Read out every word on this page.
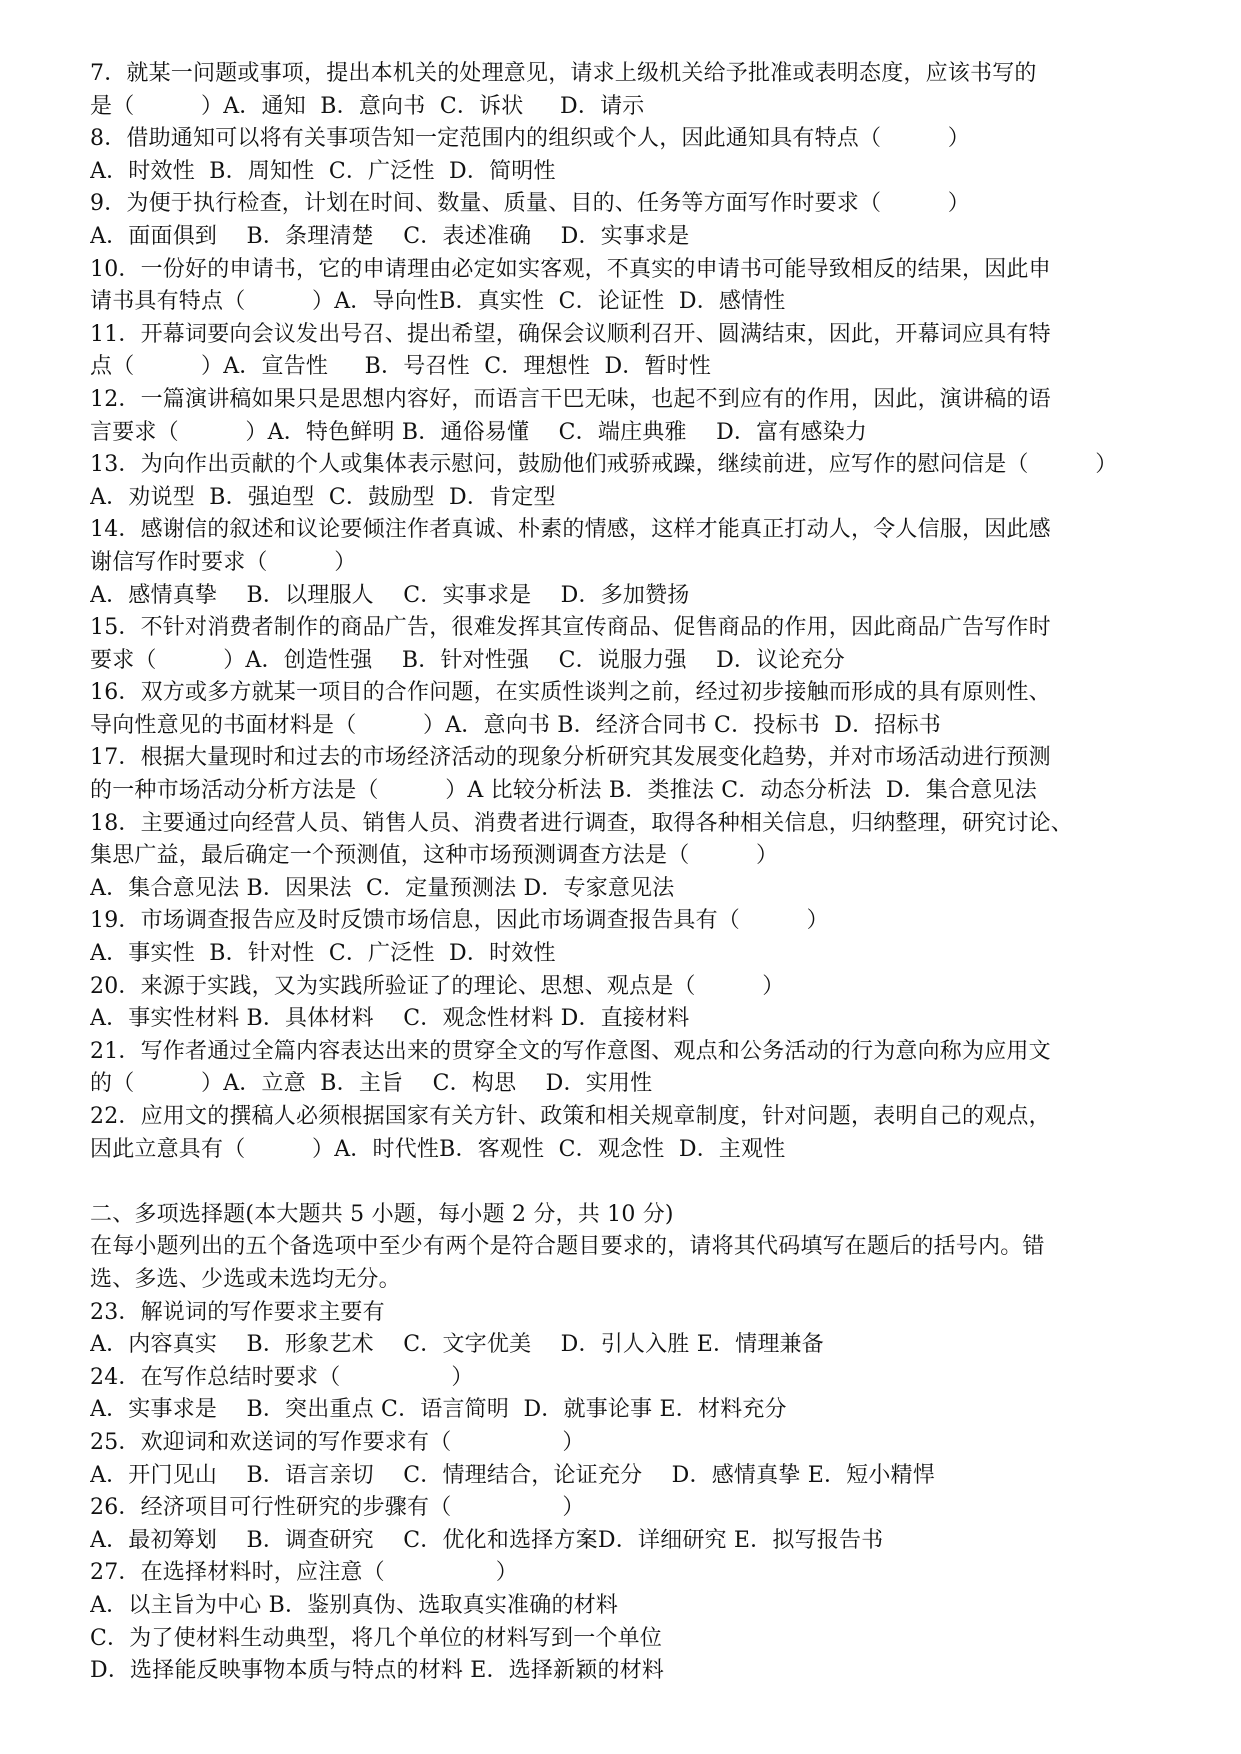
7．就某一问题或事项，提出本机关的处理意见，请求上级机关给予批准或表明态度，应该书写的
是（　　　）A．通知  B．意向书  C．诉状　  D．请示
8．借助通知可以将有关事项告知一定范围内的组织或个人，因此通知具有特点（　　　）
A．时效性  B．周知性  C．广泛性  D．简明性
9．为便于执行检查，计划在时间、数量、质量、目的、任务等方面写作时要求（　　　）
A．面面俱到　 B．条理清楚　 C．表述准确　 D．实事求是
10．一份好的申请书，它的申请理由必定如实客观，不真实的申请书可能导致相反的结果，因此申
请书具有特点（　　　）A．导向性B．真实性  C．论证性  D．感情性
11．开幕词要向会议发出号召、提出希望，确保会议顺利召开、圆满结束，因此，开幕词应具有特
点（　　　）A．宣告性　  B．号召性  C．理想性  D．暂时性
12．一篇演讲稿如果只是思想内容好，而语言干巴无味，也起不到应有的作用，因此，演讲稿的语
言要求（　　　）A．特色鲜明 B．通俗易懂　 C．端庄典雅　 D．富有感染力
13．为向作出贡献的个人或集体表示慰问，鼓励他们戒骄戒躁，继续前进，应写作的慰问信是（　　　）
A．劝说型  B．强迫型  C．鼓励型  D．肯定型
14．感谢信的叙述和议论要倾注作者真诚、朴素的情感，这样才能真正打动人，令人信服，因此感
谢信写作时要求（　　　）
A．感情真挚　 B．以理服人　 C．实事求是　 D．多加赞扬
15．不针对消费者制作的商品广告，很难发挥其宣传商品、促售商品的作用，因此商品广告写作时
要求（　　　）A．创造性强　 B．针对性强　 C．说服力强　 D．议论充分
16．双方或多方就某一项目的合作问题，在实质性谈判之前，经过初步接触而形成的具有原则性、
导向性意见的书面材料是（　　　）A．意向书 B．经济合同书 C．投标书  D．招标书
17．根据大量现时和过去的市场经济活动的现象分析研究其发展变化趋势，并对市场活动进行预测
的一种市场活动分析方法是（　　　）A 比较分析法 B．类推法 C．动态分析法  D．集合意见法
18．主要通过向经营人员、销售人员、消费者进行调查，取得各种相关信息，归纳整理，研究讨论、
集思广益，最后确定一个预测值，这种市场预测调查方法是（　　　）
A．集合意见法 B．因果法  C．定量预测法 D．专家意见法
19．市场调查报告应及时反馈市场信息，因此市场调查报告具有（　　　）
A．事实性  B．针对性  C．广泛性  D．时效性
20．来源于实践，又为实践所验证了的理论、思想、观点是（　　　）
A．事实性材料 B．具体材料　 C．观念性材料 D．直接材料
21．写作者通过全篇内容表达出来的贯穿全文的写作意图、观点和公务活动的行为意向称为应用文
的（　　　）A．立意  B．主旨　 C．构思　 D．实用性
22．应用文的撰稿人必须根据国家有关方针、政策和相关规章制度，针对问题，表明自己的观点，
因此立意具有（　　　）A．时代性B．客观性  C．观念性  D．主观性
二、多项选择题(本大题共 5 小题，每小题 2 分，共 10 分)
在每小题列出的五个备选项中至少有两个是符合题目要求的，请将其代码填写在题后的括号内。错
选、多选、少选或未选均无分。
23．解说词的写作要求主要有
A．内容真实　 B．形象艺术　 C．文字优美　 D．引人入胜 E．情理兼备
24．在写作总结时要求（　　　　　）
A．实事求是　 B．突出重点 C．语言简明  D．就事论事 E．材料充分
25．欢迎词和欢送词的写作要求有（　　　　　）
A．开门见山　 B．语言亲切　 C．情理结合，论证充分　 D．感情真挚 E．短小精悍
26．经济项目可行性研究的步骤有（　　　　　）
A．最初筹划　 B．调查研究　 C．优化和选择方案D．详细研究 E．拟写报告书
27．在选择材料时，应注意（　　　　　）
A．以主旨为中心 B．鉴别真伪、选取真实准确的材料
C．为了使材料生动典型，将几个单位的材料写到一个单位
D．选择能反映事物本质与特点的材料 E．选择新颖的材料
